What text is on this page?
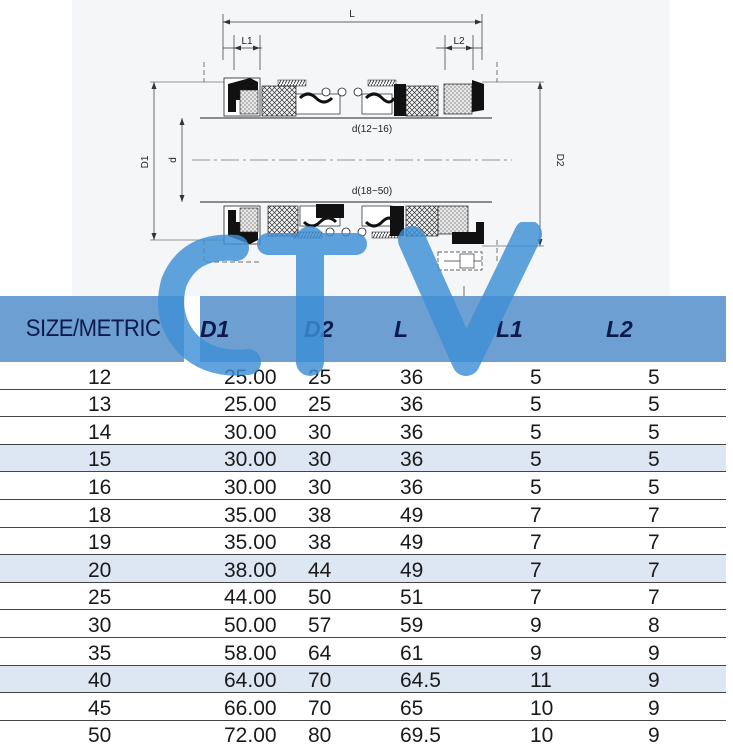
L
L1	L2
D1 d	D2
d(12~16)
d(18~50)
SIZE/METRIC	D1	D2	L	L1	L2
12	25.00	25	36	5	5
13	25.00	25	36	5	5
14	30.00	30	36	5	5
15	30.00	30	36	5	5
16	30.00	30	36	5	5
18	35.00	38	49	7	7
19	35.00	38	49	7	7
20	38.00	44	49	7	7
25	44.00	50	51	7	7
30	50.00	57	59	9	8
35	58.00	64	61	9	9
40	64.00	70	64.5	11	9
45	66.00	70	65	10	9
50	72.00	80	69.5	10	9
